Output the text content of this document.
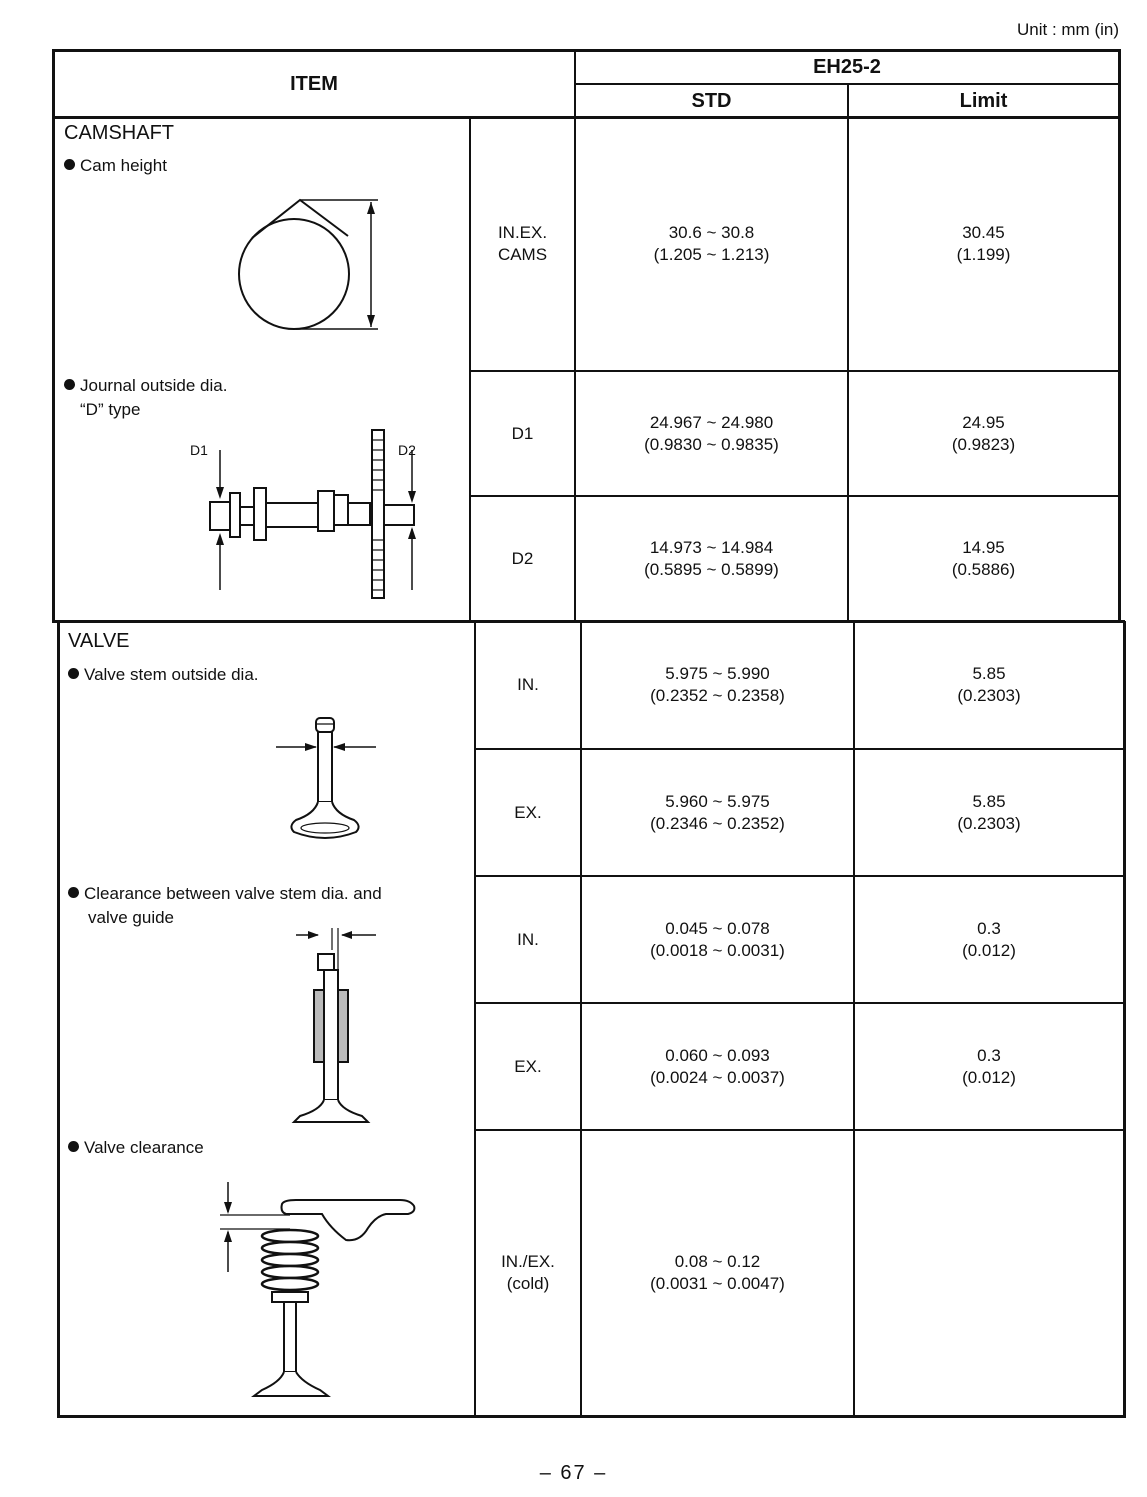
Unit : mm (in)
ITEM
EH25-2
STD	Limit
CAMSHAFT
Cam height
IN.EX.
CAMS
30.6 ~ 30.8
(1.205 ~ 1.213)
30.45
(1.199)
Journal outside dia.
“D” type
D1	D2
D1
24.967 ~ 24.980
(0.9830 ~ 0.9835)
24.95
(0.9823)
D2
14.973 ~ 14.984
(0.5895 ~ 0.5899)
14.95
(0.5886)
VALVE
Valve stem outside dia.
IN.
5.975 ~ 5.990
(0.2352 ~ 0.2358)
5.85
(0.2303)
EX.
5.960 ~ 5.975
(0.2346 ~ 0.2352)
5.85
(0.2303)
Clearance between valve stem dia. and
valve guide
IN.
0.045 ~ 0.078
(0.0018 ~ 0.0031)
0.3
(0.012)
EX.
0.060 ~ 0.093
(0.0024 ~ 0.0037)
0.3
(0.012)
Valve clearance
IN./EX.
(cold)
0.08 ~ 0.12
(0.0031 ~ 0.0047)
– 67 –
